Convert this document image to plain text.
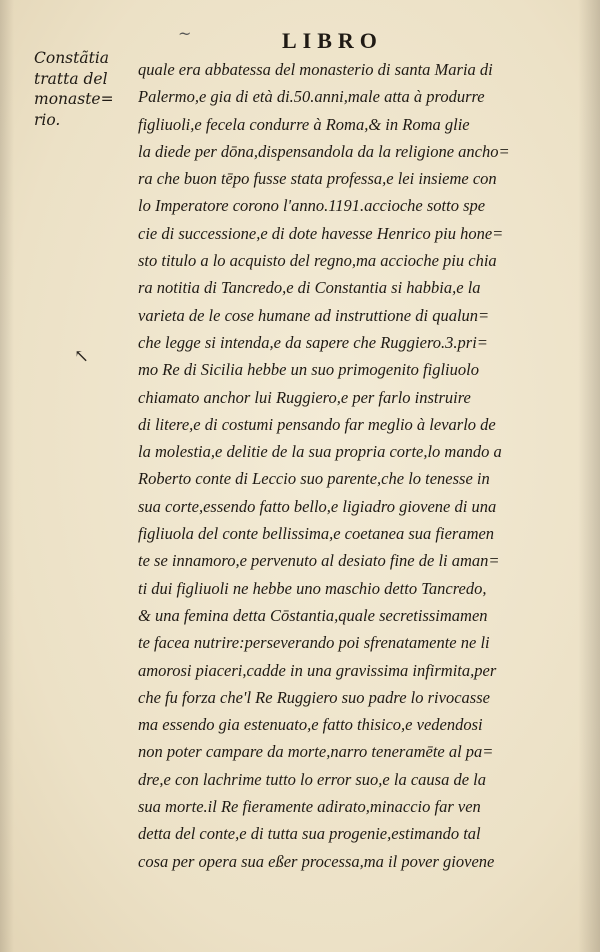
~	LIBRO
Constãtia
tratta del
monaste=
rio.
↖
quale era abbatessa del monasterio di santa Maria di
Palermo,e gia di età di.50.anni,male atta à produrre
figliuoli,e fecela condurre à Roma,& in Roma glie
la diede per dōna,dispensandola da la religione ancho=
ra che buon tēpo fusse stata professa,e lei insieme con
lo Imperatore corono l'anno.1191.accioche sotto spe
cie di successione,e di dote havesse Henrico piu hone=
sto titulo a lo acquisto del regno,ma accioche piu chia
ra notitia di Tancredo,e di Constantia si habbia,e la
varieta de le cose humane ad instruttione di qualun=
che legge si intenda,e da sapere che Ruggiero.3.pri=
mo Re di Sicilia hebbe un suo primogenito figliuolo
chiamato anchor lui Ruggiero,e per farlo instruire
di litere,e di costumi pensando far meglio à levarlo de
la molestia,e delitie de la sua propria corte,lo mando a
Roberto conte di Leccio suo parente,che lo tenesse in
sua corte,essendo fatto bello,e ligiadro giovene di una
figliuola del conte bellissima,e coetanea sua fieramen
te se innamoro,e pervenuto al desiato fine de li aman=
ti dui figliuoli ne hebbe uno maschio detto Tancredo,
& una femina detta Cōstantia,quale secretissimamen
te facea nutrire:perseverando poi sfrenatamente ne li
amorosi piaceri,cadde in una gravissima infirmita,per
che fu forza che'l Re Ruggiero suo padre lo rivocasse
ma essendo gia estenuato,e fatto thisico,e vedendosi
non poter campare da morte,narro teneramēte al pa=
dre,e con lachrime tutto lo error suo,e la causa de la
sua morte.il Re fieramente adirato,minaccio far ven
detta del conte,e di tutta sua progenie,estimando tal
cosa per opera sua eßer processa,ma il pover giovene
